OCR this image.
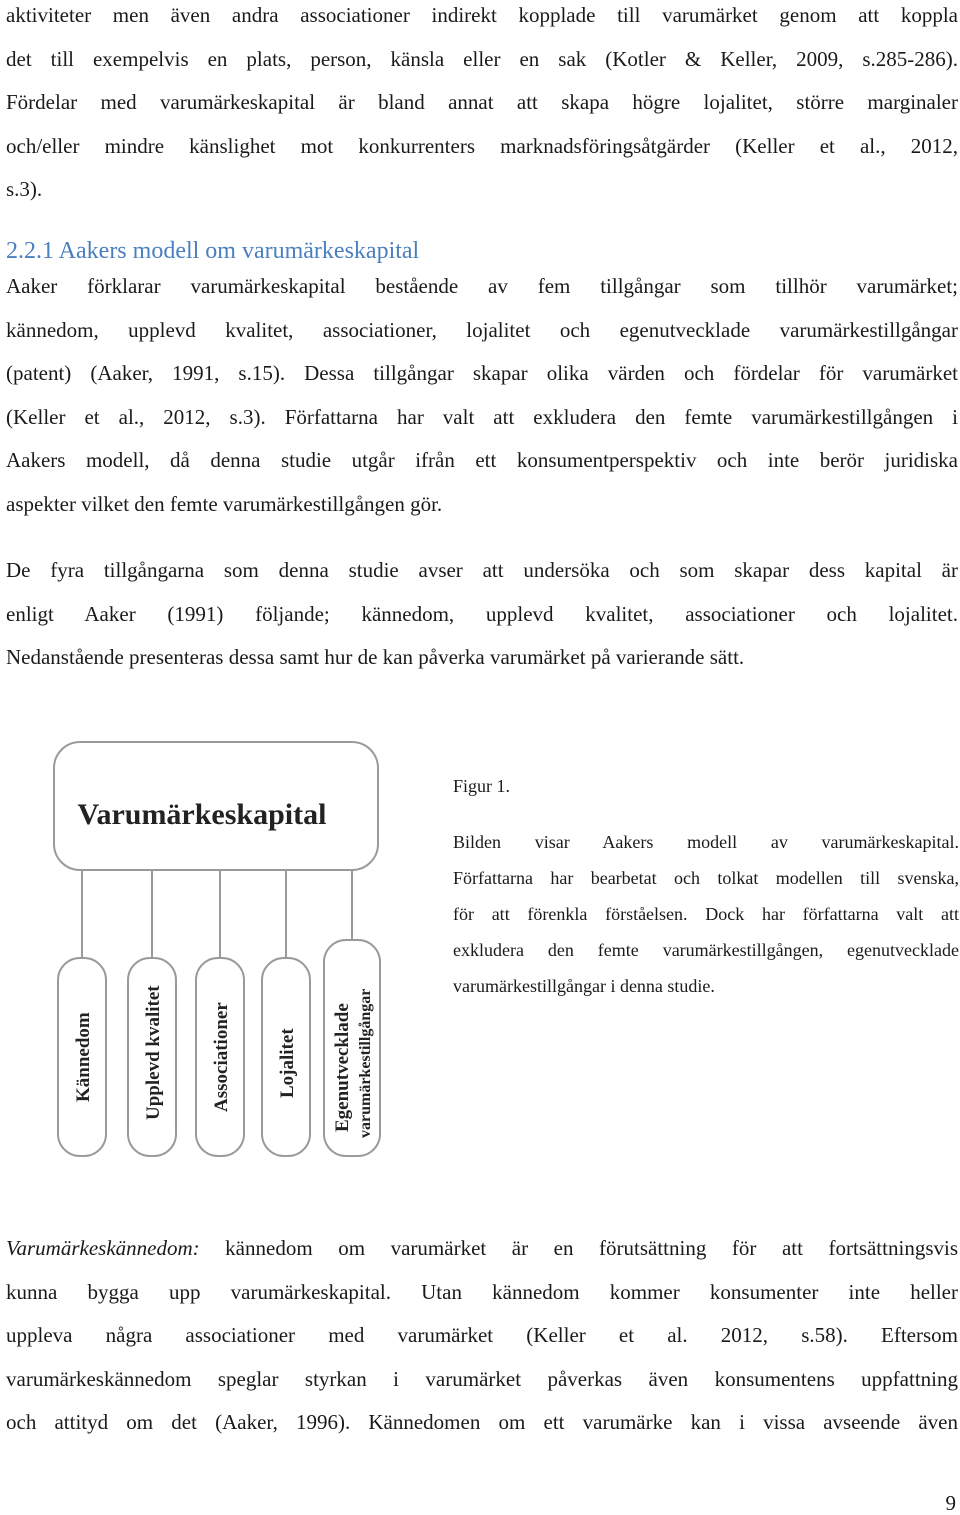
aktiviteter men även andra associationer indirekt kopplade till varumärket genom att koppla
det till exempelvis en plats, person, känsla eller en sak (Kotler & Keller, 2009, s.285-286).
Fördelar med varumärkeskapital är bland annat att skapa högre lojalitet, större marginaler
och/eller mindre känslighet mot konkurrenters marknadsföringsåtgärder (Keller et al., 2012,
s.3).
2.2.1 Aakers modell om varumärkeskapital
Aaker förklarar varumärkeskapital bestående av fem tillgångar som tillhör varumärket;
kännedom, upplevd kvalitet, associationer, lojalitet och egenutvecklade varumärkestillgångar
(patent) (Aaker, 1991, s.15). Dessa tillgångar skapar olika värden och fördelar för varumärket
(Keller et al., 2012, s.3). Författarna har valt att exkludera den femte varumärkestillgången i
Aakers modell, då denna studie utgår ifrån ett konsumentperspektiv och inte berör juridiska
aspekter vilket den femte varumärkestillgången gör.
De fyra tillgångarna som denna studie avser att undersöka och som skapar dess kapital är
enligt Aaker (1991) följande; kännedom, upplevd kvalitet, associationer och lojalitet.
Nedanstående presenteras dessa samt hur de kan påverka varumärket på varierande sätt.
Varumärkeskapital
Kännedom	Upplevd kvalitet Associationer Lojalitet Egenutvecklade varumärkestillgångar
Figur 1.
Bilden visar Aakers modell av varumärkeskapital.
Författarna har bearbetat och tolkat modellen till svenska,
för att förenkla förståelsen. Dock har författarna valt att
exkludera den femte varumärkestillgången, egenutvecklade
varumärkestillgångar i denna studie.
Varumärkeskännedom: kännedom om varumärket är en förutsättning för att fortsättningsvis
kunna bygga upp varumärkeskapital. Utan kännedom kommer konsumenter inte heller
uppleva några associationer med varumärket (Keller et al. 2012, s.58). Eftersom
varumärkeskännedom speglar styrkan i varumärket påverkas även konsumentens uppfattning
och attityd om det (Aaker, 1996). Kännedomen om ett varumärke kan i vissa avseende även
9
